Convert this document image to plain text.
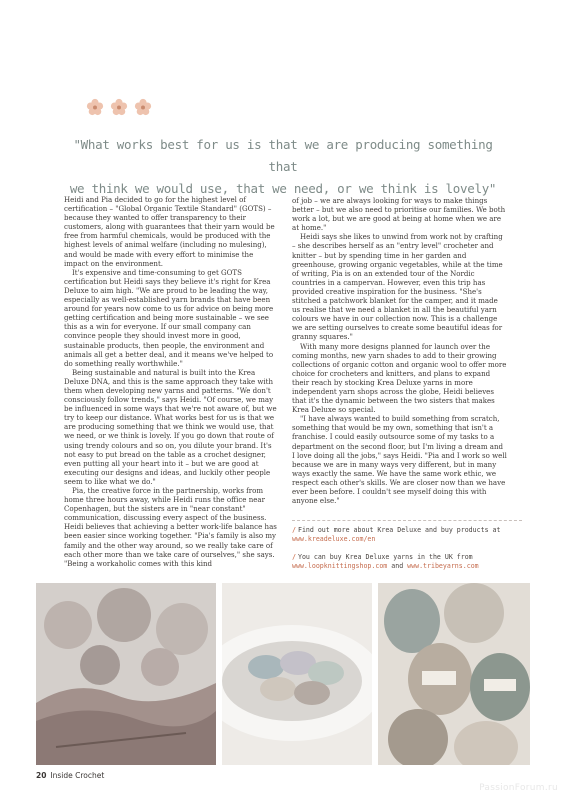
"What works best for us is that we are producing something that
we think we would use, that we need, or we think is lovely"

Heidi and Pia decided to go for the highest level of certification – "Global Organic Textile Standard" (GOTS) – because they wanted to offer transparency to their customers, along with guarantees that their yarn would be free from harmful chemicals, would be produced with the highest levels of animal welfare (including no mulesing), and would be made with every effort to minimise the impact on the environment.

It's expensive and time-consuming to get GOTS certification but Heidi says they believe it's right for Krea Deluxe to aim high. "We are proud to be leading the way, especially as well-established yarn brands that have been around for years now come to us for advice on being more getting certification and being more sustainable – we see this as a win for everyone. If our small company can convince people they should invest more in good, sustainable products, then people, the environment and animals all get a better deal, and it means we've helped to do something really worthwhile."

Being sustainable and natural is built into the Krea Deluxe DNA, and this is the same approach they take with them when developing new yarns and patterns. "We don't consciously follow trends," says Heidi. "Of course, we may be influenced in some ways that we're not aware of, but we try to keep our distance. What works best for us is that we are producing something that we think we would use, that we need, or we think is lovely. If you go down that route of using trendy colours and so on, you dilute your brand. It's not easy to put bread on the table as a crochet designer, even putting all your heart into it – but we are good at executing our designs and ideas, and luckily other people seem to like what we do."

Pia, the creative force in the partnership, works from home three hours away, while Heidi runs the office near Copenhagen, but the sisters are in "near constant" communication, discussing every aspect of the business. Heidi believes that achieving a better work-life balance has been easier since working together. "Pia's family is also my family and the other way around, so we really take care of each other more than we take care of ourselves," she says. "Being a workaholic comes with this kind

of job – we are always looking for ways to make things better – but we also need to prioritise our families. We both work a lot, but we are good at being at home when we are at home."

Heidi says she likes to unwind from work not by crafting – she describes herself as an "entry level" crocheter and knitter – but by spending time in her garden and greenhouse, growing organic vegetables, while at the time of writing, Pia is on an extended tour of the Nordic countries in a campervan. However, even this trip has provided creative inspiration for the business. "She's stitched a patchwork blanket for the camper, and it made us realise that we need a blanket in all the beautiful yarn colours we have in our collection now. This is a challenge we are setting ourselves to create some beautiful ideas for granny squares."

With many more designs planned for launch over the coming months, new yarn shades to add to their growing collections of organic cotton and organic wool to offer more choice for crocheters and knitters, and plans to expand their reach by stocking Krea Deluxe yarns in more independent yarn shops across the globe, Heidi believes that it's the dynamic between the two sisters that makes Krea Deluxe so special.

"I have always wanted to build something from scratch, something that would be my own, something that isn't a franchise. I could easily outsource some of my tasks to a department on the second floor, but I'm living a dream and I love doing all the jobs," says Heidi. "Pia and I work so well because we are in many ways very different, but in many ways exactly the same. We have the same work ethic, we respect each other's skills. We are closer now than we have ever been before. I couldn't see myself doing this with anyone else."

/ Find out more about Krea Deluxe and buy products at
www.kreadeluxe.com/en
/ You can buy Krea Deluxe yarns in the UK from
www.loopknittingshop.com and www.tribeyarns.com
20 Inside Crochet
PassionForum.ru
